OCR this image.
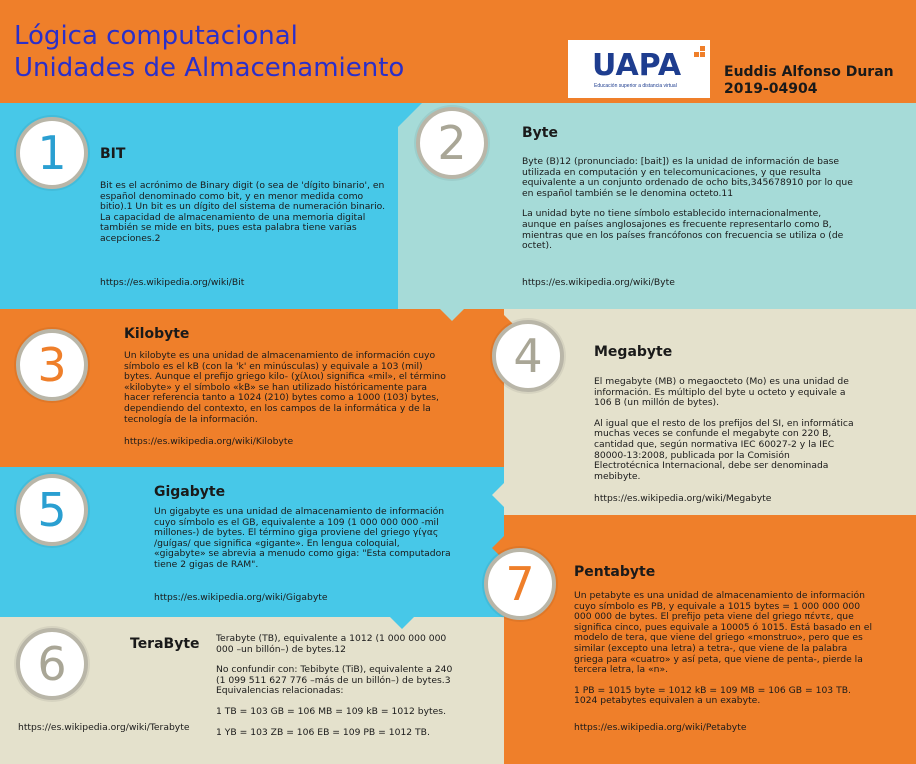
Lógica computacional
Unidades de Almacenamiento	UAPA
Educación superior a distancia virtual
Euddis Alfonso Duran
2019-04904
1	BIT

Bit es el acrónimo de Binary digit (o sea de 'dígito binario', en español denominado como bit, y en menor medida como bitio).1 Un bit es un dígito del sistema de numeración binario. La capacidad de almacenamiento de una memoria digital también se mide en bits, pues esta palabra tiene varias acepciones.2

https://es.wikipedia.org/wiki/Bit
2	Byte

Byte (B)12 (pronunciado: [bait]) es la unidad de información de base utilizada en computación y en telecomunicaciones, y que resulta equivalente a un conjunto ordenado de ocho bits,345678910 por lo que en español también se le denomina octeto.11

La unidad byte no tiene símbolo establecido internacionalmente, aunque en países anglosajones es frecuente representarlo como B, mientras que en los países francófonos con frecuencia se utiliza o (de octet).

https://es.wikipedia.org/wiki/Byte
3
Kilobyte

Un kilobyte es una unidad de almacenamiento de información cuyo símbolo es el kB (con la 'k' en minúsculas) y equivale a 103 (mil) bytes. Aunque el prefijo griego kilo- (χίλιοι) significa «mil», el término «kilobyte» y el símbolo «kB» se han utilizado históricamente para hacer referencia tanto a 1024 (210) bytes como a 1000 (103) bytes, dependiendo del contexto, en los campos de la informática y de la tecnología de la información.

https://es.wikipedia.org/wiki/Kilobyte
4	Megabyte

El megabyte (MB) o megaocteto (Mo) es una unidad de información. Es múltiplo del byte u octeto y equivale a 106 B (un millón de bytes).

Al igual que el resto de los prefijos del SI, en informática muchas veces se confunde el megabyte con 220 B, cantidad que, según normativa IEC 60027-2 y la IEC 80000-13:2008, publicada por la Comisión Electrotécnica Internacional, debe ser denominada mebibyte.

https://es.wikipedia.org/wiki/Megabyte
5	Gigabyte

Un gigabyte es una unidad de almacenamiento de información cuyo símbolo es el GB, equivalente a 109 (1 000 000 000 -mil millones-) de bytes. El término giga proviene del griego γίγας /guígas/ que significa «gigante». En lengua coloquial, «gigabyte» se abrevia a menudo como giga: "Esta computadora tiene 2 gigas de RAM".

https://es.wikipedia.org/wiki/Gigabyte
6	TeraByte Terabyte (TB), equivalente a 1012 (1 000 000 000 000 –un billón–) de bytes.12

No confundir con: Tebibyte (TiB), equivalente a 240 (1 099 511 627 776 –más de un billón–) de bytes.3 Equivalencias relacionadas:

1 TB = 103 GB = 106 MB = 109 kB = 1012 bytes.

1 YB = 103 ZB = 106 EB = 109 PB = 1012 TB.

https://es.wikipedia.org/wiki/Terabyte
7	Pentabyte

Un petabyte es una unidad de almacenamiento de información cuyo símbolo es PB, y equivale a 1015 bytes = 1 000 000 000 000 000 de bytes. El prefijo peta viene del griego πέντε, que significa cinco, pues equivale a 10005 ó 1015. Está basado en el modelo de tera, que viene del griego «monstruo», pero que es similar (excepto una letra) a tetra-, que viene de la palabra griega para «cuatro» y así peta, que viene de penta-, pierde la tercera letra, la «n».

1 PB = 1015 byte = 1012 kB = 109 MB = 106 GB = 103 TB. 1024 petabytes equivalen a un exabyte.

https://es.wikipedia.org/wiki/Petabyte
